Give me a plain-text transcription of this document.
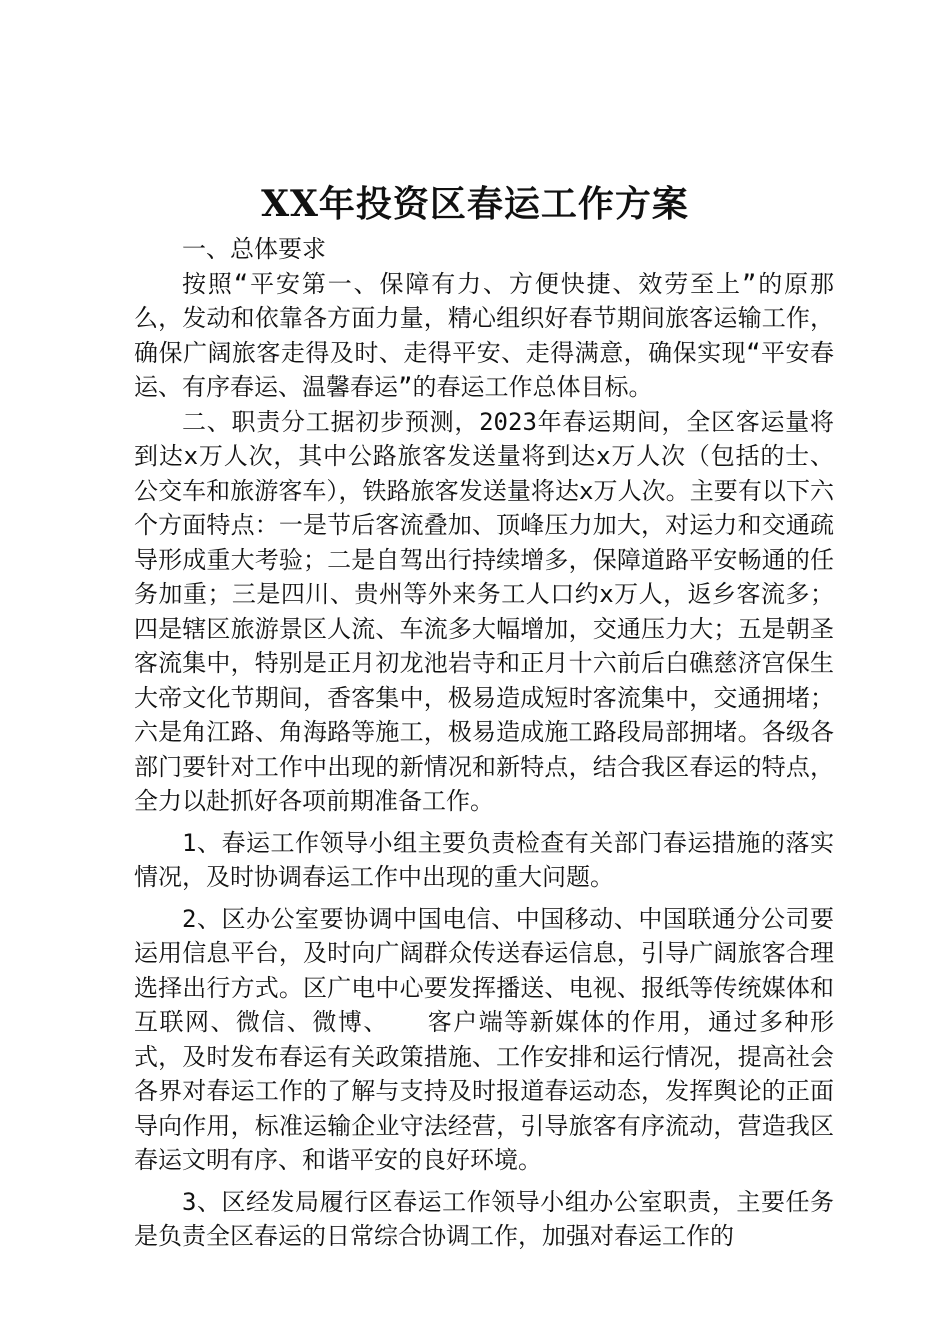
XX年投资区春运工作方案

一、总体要求

按照“平安第一、保障有力、方便快捷、效劳至上”的原那么，发动和依靠各方面力量，精心组织好春节期间旅客运输工作，确保广阔旅客走得及时、走得平安、走得满意，确保实现“平安春运、有序春运、温馨春运”的春运工作总体目标。

二、职责分工据初步预测，2023年春运期间，全区客运量将到达x万人次，其中公路旅客发送量将到达x万人次（包括的士、公交车和旅游客车），铁路旅客发送量将达x万人次。主要有以下六个方面特点：一是节后客流叠加、顶峰压力加大，对运力和交通疏导形成重大考验；二是自驾出行持续增多，保障道路平安畅通的任务加重；三是四川、贵州等外来务工人口约x万人，返乡客流多；四是辖区旅游景区人流、车流多大幅增加，交通压力大；五是朝圣客流集中，特别是正月初龙池岩寺和正月十六前后白礁慈济宫保生大帝文化节期间，香客集中，极易造成短时客流集中，交通拥堵；六是角江路、角海路等施工，极易造成施工路段局部拥堵。各级各部门要针对工作中出现的新情况和新特点，结合我区春运的特点，全力以赴抓好各项前期准备工作。

1、春运工作领导小组主要负责检查有关部门春运措施的落实情况，及时协调春运工作中出现的重大问题。

2、区办公室要协调中国电信、中国移动、中国联通分公司要运用信息平台，及时向广阔群众传送春运信息，引导广阔旅客合理选择出行方式。区广电中心要发挥播送、电视、报纸等传统媒体和互联网、微信、微博、　　客户端等新媒体的作用，通过多种形式，及时发布春运有关政策措施、工作安排和运行情况，提高社会各界对春运工作的了解与支持及时报道春运动态，发挥舆论的正面导向作用，标准运输企业守法经营，引导旅客有序流动，营造我区春运文明有序、和谐平安的良好环境。

3、区经发局履行区春运工作领导小组办公室职责，主要任务是负责全区春运的日常综合协调工作，加强对春运工作的
